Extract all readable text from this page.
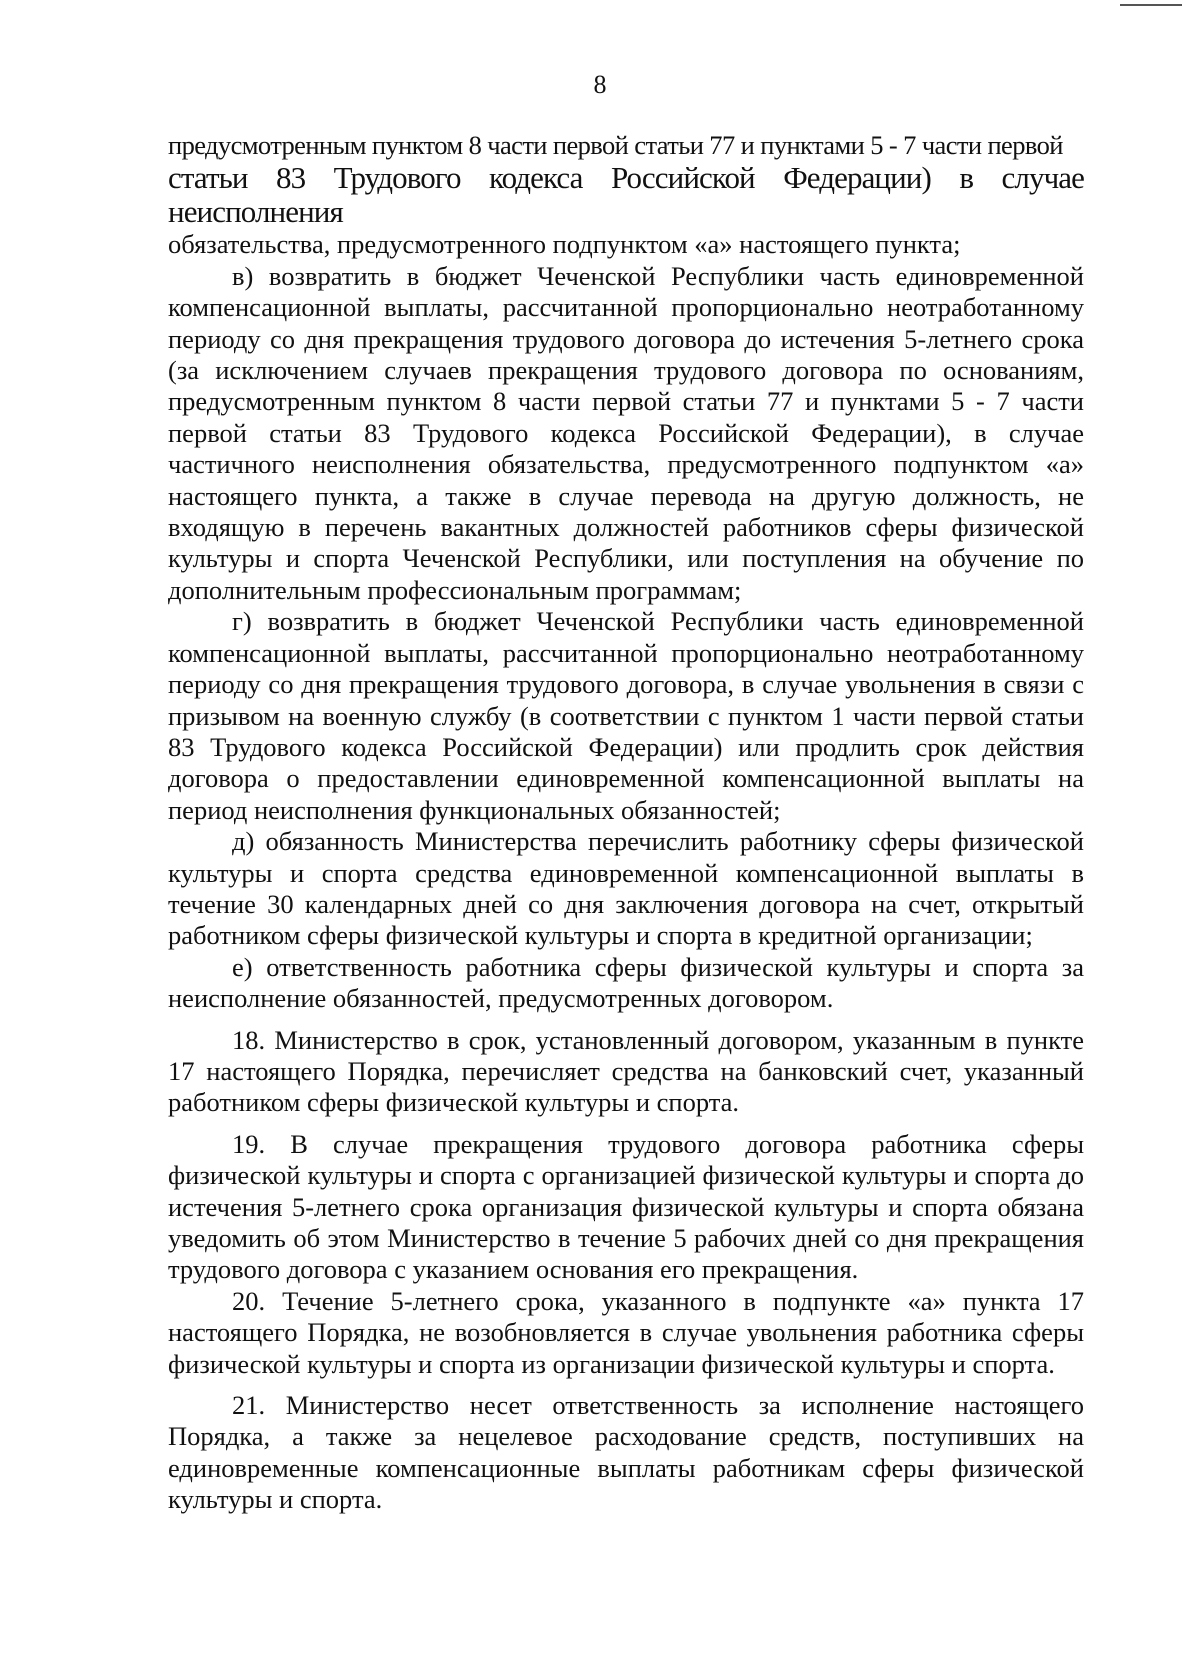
8

предусмотренным пунктом 8 части первой статьи 77 и пунктами 5 - 7 части первой

статьи 83 Трудового кодекса Российской Федерации) в случае неисполнения

обязательства, предусмотренного подпунктом «а» настоящего пункта;

в) возвратить в бюджет Чеченской Республики часть единовременной компенсационной выплаты, рассчитанной пропорционально неотработанному периоду со дня прекращения трудового договора до истечения 5-летнего срока (за исключением случаев прекращения трудового договора по основаниям, предусмотренным пунктом 8 части первой статьи 77 и пунктами 5 - 7 части первой статьи 83 Трудового кодекса Российской Федерации), в случае частичного неисполнения обязательства, предусмотренного подпунктом «а» настоящего пункта, а также в случае перевода на другую должность, не входящую в перечень вакантных должностей работников сферы физической культуры и спорта Чеченской Республики, или поступления на обучение по дополнительным профессиональным программам;

г) возвратить в бюджет Чеченской Республики часть единовременной компенсационной выплаты, рассчитанной пропорционально неотработанному периоду со дня прекращения трудового договора, в случае увольнения в связи с призывом на военную службу (в соответствии с пунктом 1 части первой статьи 83 Трудового кодекса Российской Федерации) или продлить срок действия договора о предоставлении единовременной компенсационной выплаты на период неисполнения функциональных обязанностей;

д) обязанность Министерства перечислить работнику сферы физической культуры и спорта средства единовременной компенсационной выплаты в течение 30 календарных дней со дня заключения договора на счет, открытый работником сферы физической культуры и спорта в кредитной организации;

е) ответственность работника сферы физической культуры и спорта за неисполнение обязанностей, предусмотренных договором.

18. Министерство в срок, установленный договором, указанным в пункте 17 настоящего Порядка, перечисляет средства на банковский счет, указанный работником сферы физической культуры и спорта.

19. В случае прекращения трудового договора работника сферы физической культуры и спорта с организацией физической культуры и спорта до истечения 5-летнего срока организация физической культуры и спорта обязана уведомить об этом Министерство в течение 5 рабочих дней со дня прекращения трудового договора с указанием основания его прекращения.

20. Течение 5-летнего срока, указанного в подпункте «а» пункта 17 настоящего Порядка, не возобновляется в случае увольнения работника сферы физической культуры и спорта из организации физической культуры и спорта.

21. Министерство несет ответственность за исполнение настоящего Порядка, а также за нецелевое расходование средств, поступивших на единовременные компенсационные выплаты работникам сферы физической культуры и спорта.
